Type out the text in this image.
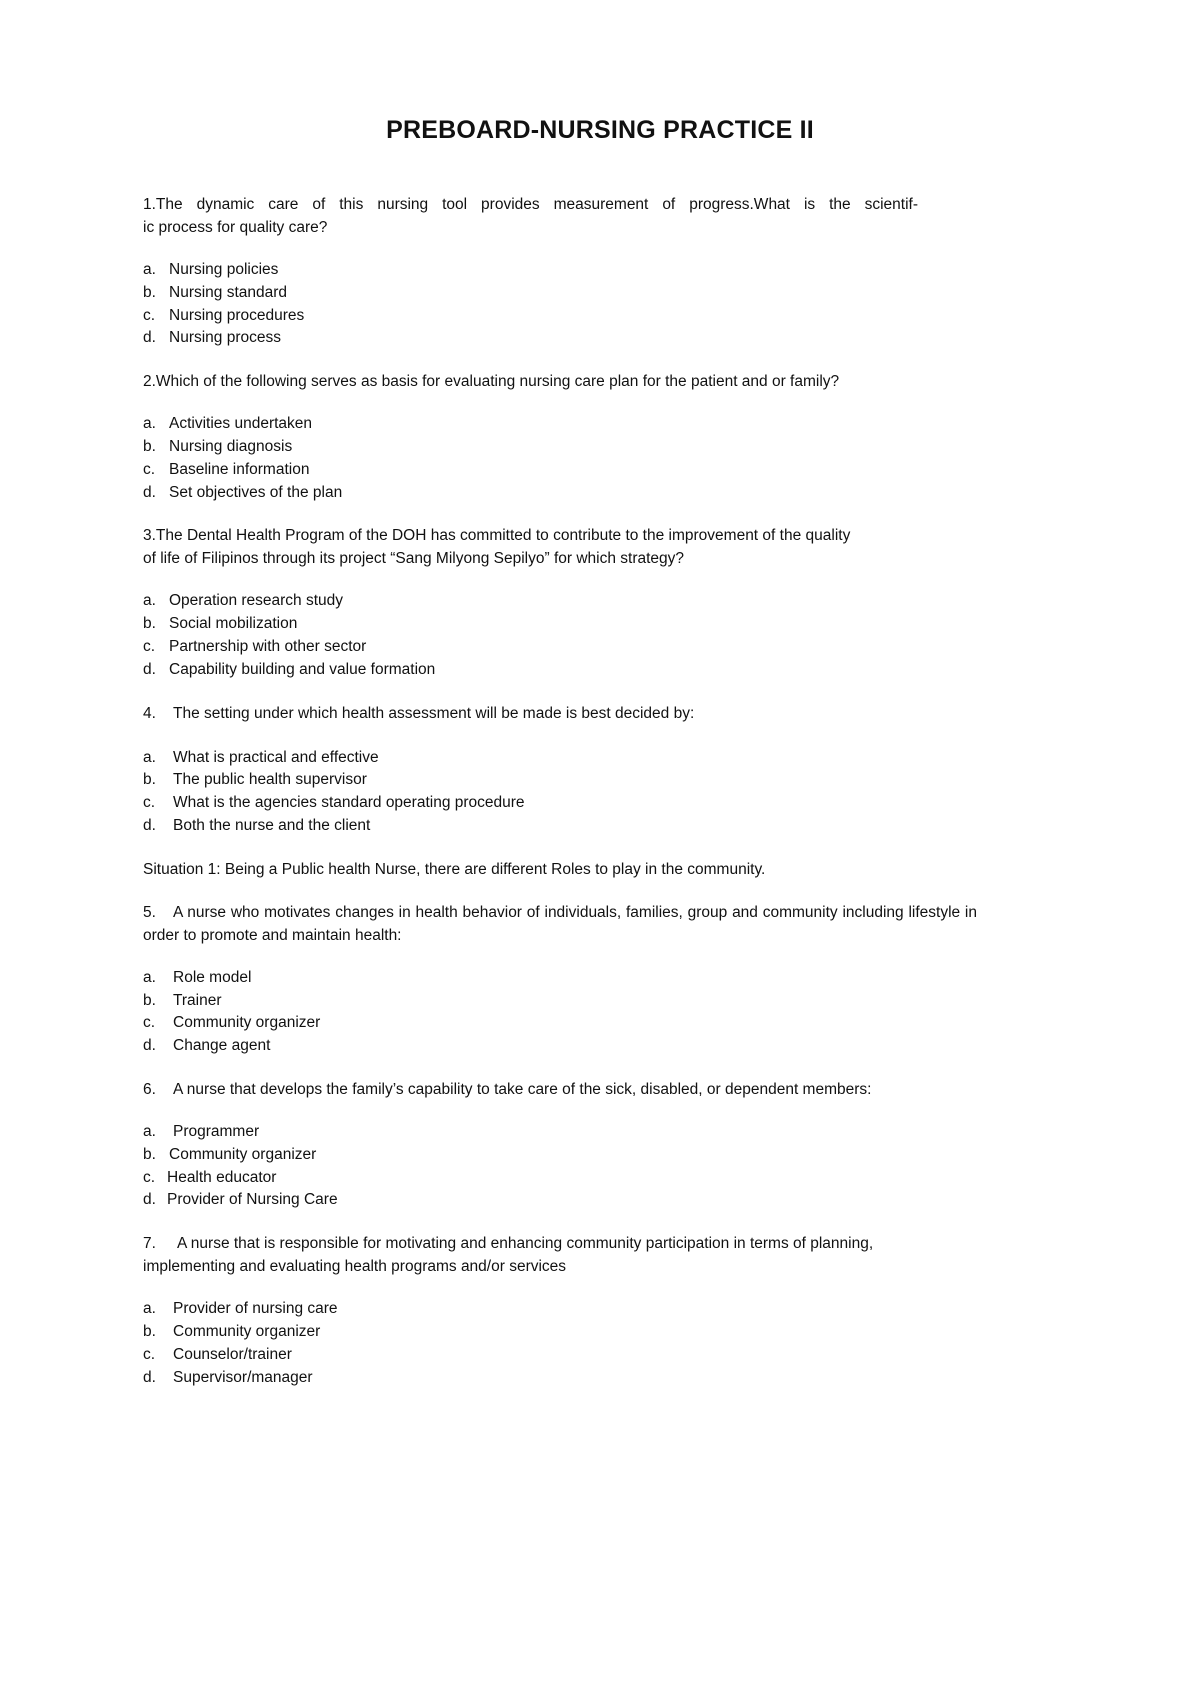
PREBOARD-NURSING PRACTICE II

1.The dynamic care of this nursing tool provides measurement of progress.What is the scientif-

ic process for quality care?

a. Nursing policies
b. Nursing standard
c. Nursing procedures
d. Nursing process

2.Which of the following serves as basis for evaluating nursing care plan for the patient and or family?

a. Activities undertaken
b. Nursing diagnosis
c. Baseline information
d. Set objectives of the plan

3.The Dental Health Program of the DOH has committed to contribute to the improvement of the quality

of life of Filipinos through its project “Sang Milyong Sepilyo” for which strategy?

a. Operation research study
b. Social mobilization
c. Partnership with other sector
d. Capability building and value formation

4. The setting under which health assessment will be made is best decided by:

a.	What is practical and effective
b.	The public health supervisor
c.	What is the agencies standard operating procedure
d.	Both the nurse and the client

Situation 1: Being a Public health Nurse, there are different Roles to play in the community.

5. A nurse who motivates changes in health behavior of individuals, families, group and community including lifestyle in order to promote and maintain health:

a.	Role model
b.	Trainer
c.	Community organizer
d.	Change agent

6. A nurse that develops the family’s capability to take care of the sick, disabled, or dependent members:

a.	Programmer
b. Community organizer
c. Health educator
d. Provider of Nursing Care

7. A nurse that is responsible for motivating and enhancing community participation in terms of planning,

implementing and evaluating health programs and/or services

a.	Provider of nursing care
b.	Community organizer
c.	Counselor/trainer
d.	Supervisor/manager
